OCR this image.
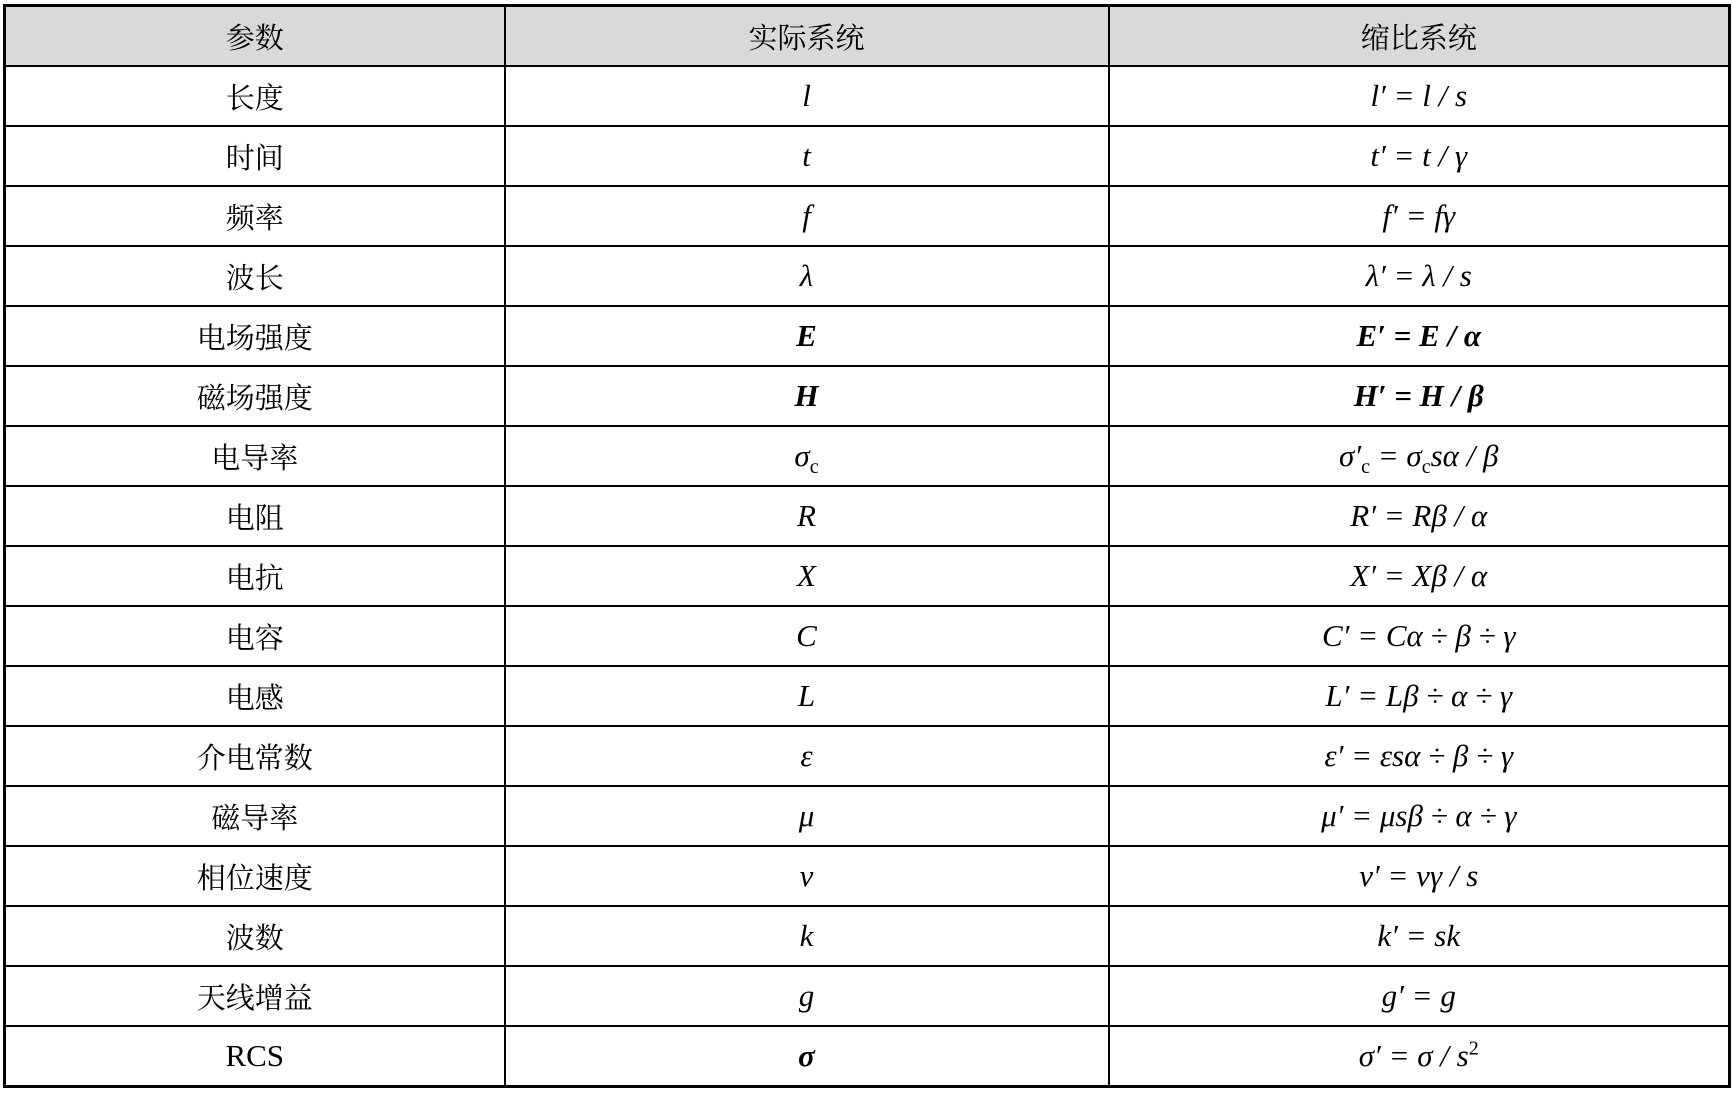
参数	实际系统	缩比系统
长度	l	l′ = l / s
时间	t	t′ = t / γ
频率	f	f′ = fγ
波长	λ	λ′ = λ / s
电场强度	E	E′ = E / α
磁场强度	H	H′ = H / β
电导率	$\sigma_c$	$\sigma'_c = \sigma_cs\alpha / \beta$
电阻	R	R′ = Rβ / α
电抗	X	X′ = Xβ / α
电容	C	C′ = Cα ÷ β ÷ γ
电感	L	L′ = Lβ ÷ α ÷ γ
介电常数	ε	ε′ = εsα ÷ β ÷ γ
磁导率	μ	μ′ = μsβ ÷ α ÷ γ
相位速度	v	v′ = vγ / s
波数	k	k′ = sk
天线增益	g	g′ = g
RCS	σ	$\sigma' = \sigma / s^2$
